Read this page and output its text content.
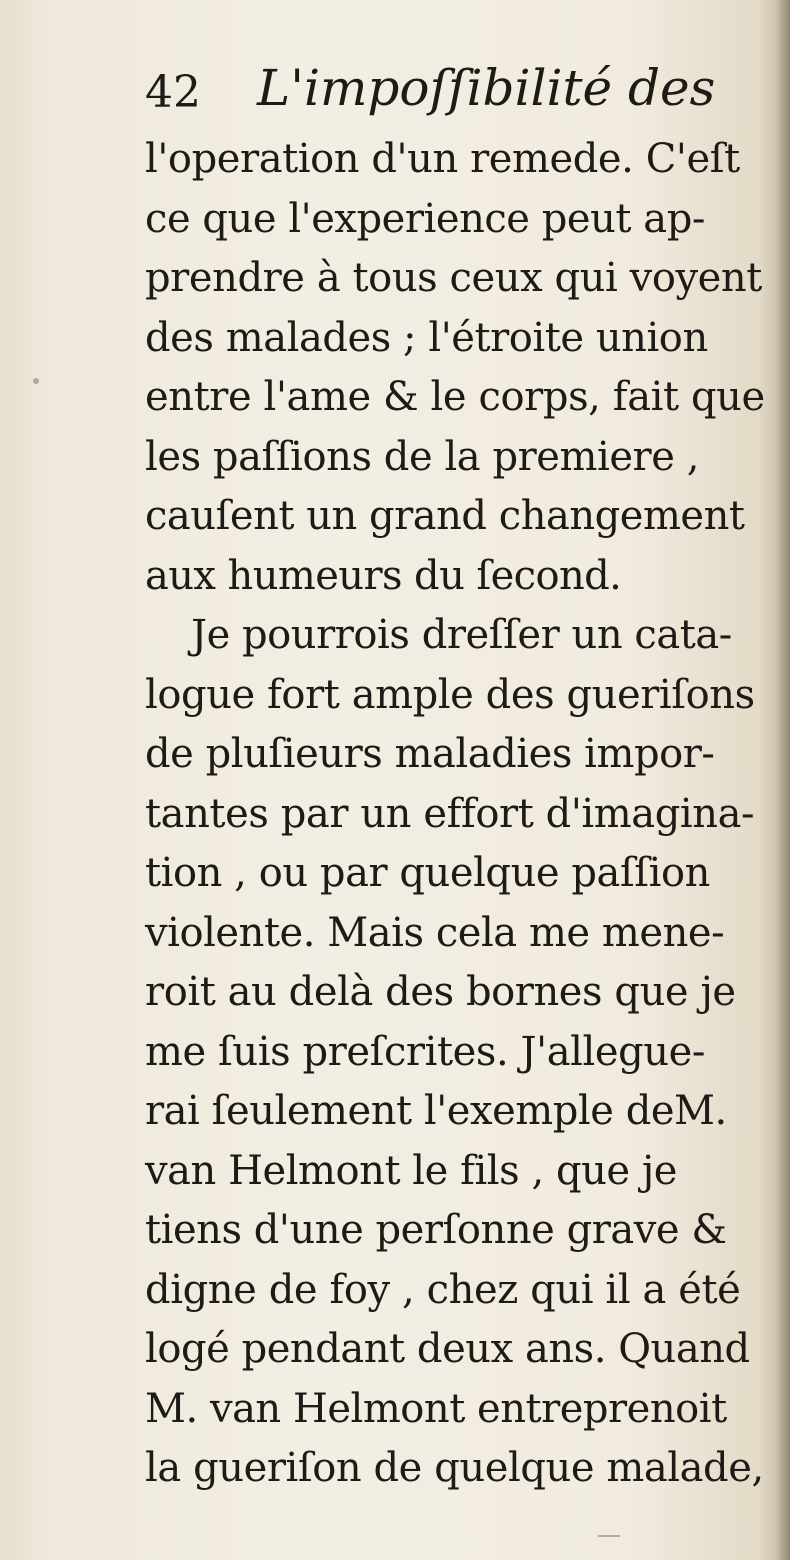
42 L'impoſſibilité des
l'operation d'un remede. C'eſt
ce que l'experience peut ap-
prendre à tous ceux qui voyent
des malades ; l'étroite union
entre l'ame & le corps, fait que
les paſſions de la premiere ,
cauſent un grand changement
aux humeurs du ſecond.
Je pourrois dreſſer un cata-
logue fort ample des gueriſons
de pluſieurs maladies impor-
tantes par un effort d'imagina-
tion , ou par quelque paſſion
violente. Mais cela me mene-
roit au delà des bornes que je
me ſuis preſcrites. J'allegue-
rai ſeulement l'exemple deM.
van Helmont le fils , que je
tiens d'une perſonne grave &
digne de foy , chez qui il a été
logé pendant deux ans. Quand
M. van Helmont entreprenoit
la gueriſon de quelque malade,
